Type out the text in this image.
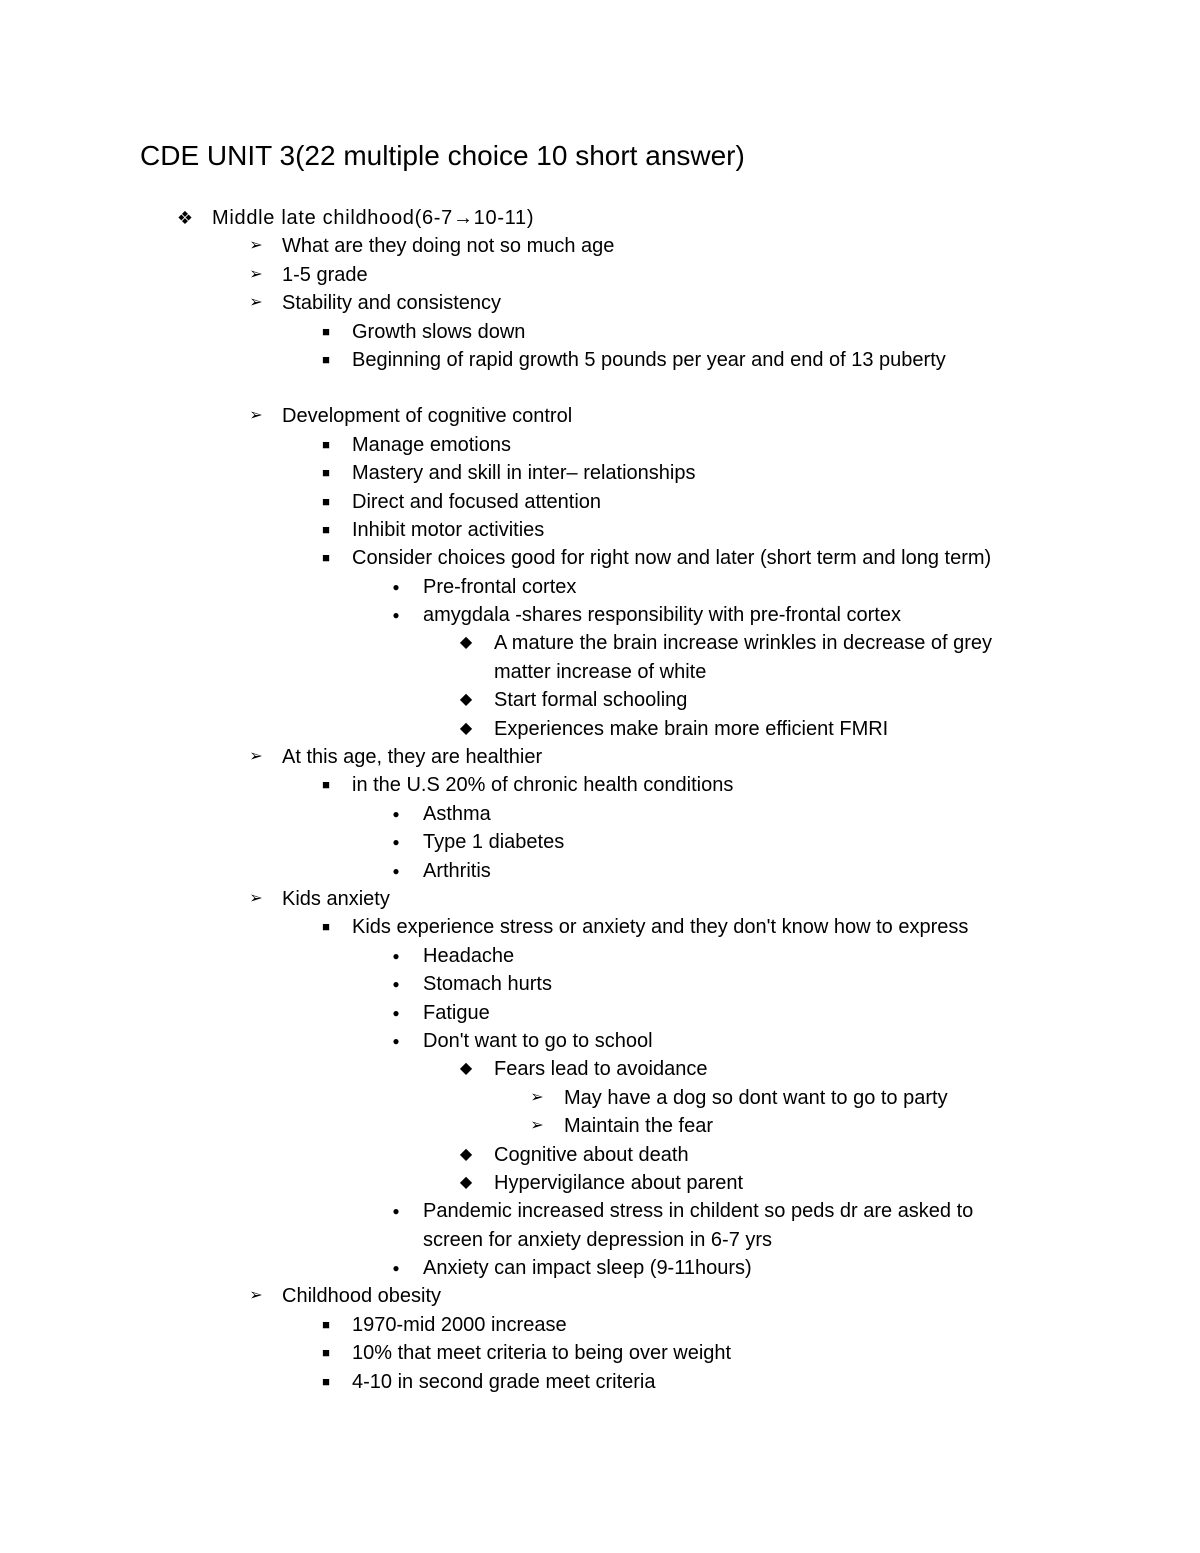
CDE UNIT 3(22 multiple choice 10 short answer)
❖ Middle late childhood(6-7→10-11)
➢ What are they doing not so much age
➢ 1-5 grade
➢ Stability and consistency
■	Growth slows down
■	Beginning of rapid growth 5 pounds per year and end of 13 puberty
➢ Development of cognitive control
■	Manage emotions
■	Mastery and skill in inter– relationships
■	Direct and focused attention
■	Inhibit motor activities
■	Consider choices good for right now and later (short term and long term)
●	Pre-frontal cortex
●	amygdala -shares responsibility with pre-frontal cortex
◆ A mature the brain increase wrinkles in decrease of grey
matter increase of white
◆ Start formal schooling
◆ Experiences make brain more efficient FMRI
➢ At this age, they are healthier
■	in the U.S 20% of chronic health conditions
●	Asthma
●	Type 1 diabetes
●	Arthritis
➢ Kids anxiety
■	Kids experience stress or anxiety and they don't know how to express
●	Headache
●	Stomach hurts
●	Fatigue
●	Don't want to go to school
◆ Fears lead to avoidance
➢ May have a dog so dont want to go to party
➢ Maintain the fear
◆ Cognitive about death
◆ Hypervigilance about parent
●	Pandemic increased stress in childent so peds dr are asked to
screen for anxiety depression in 6-7 yrs
●	Anxiety can impact sleep (9-11hours)
➢ Childhood obesity
■	1970-mid 2000 increase
■	10% that meet criteria to being over weight
■	4-10 in second grade meet criteria
